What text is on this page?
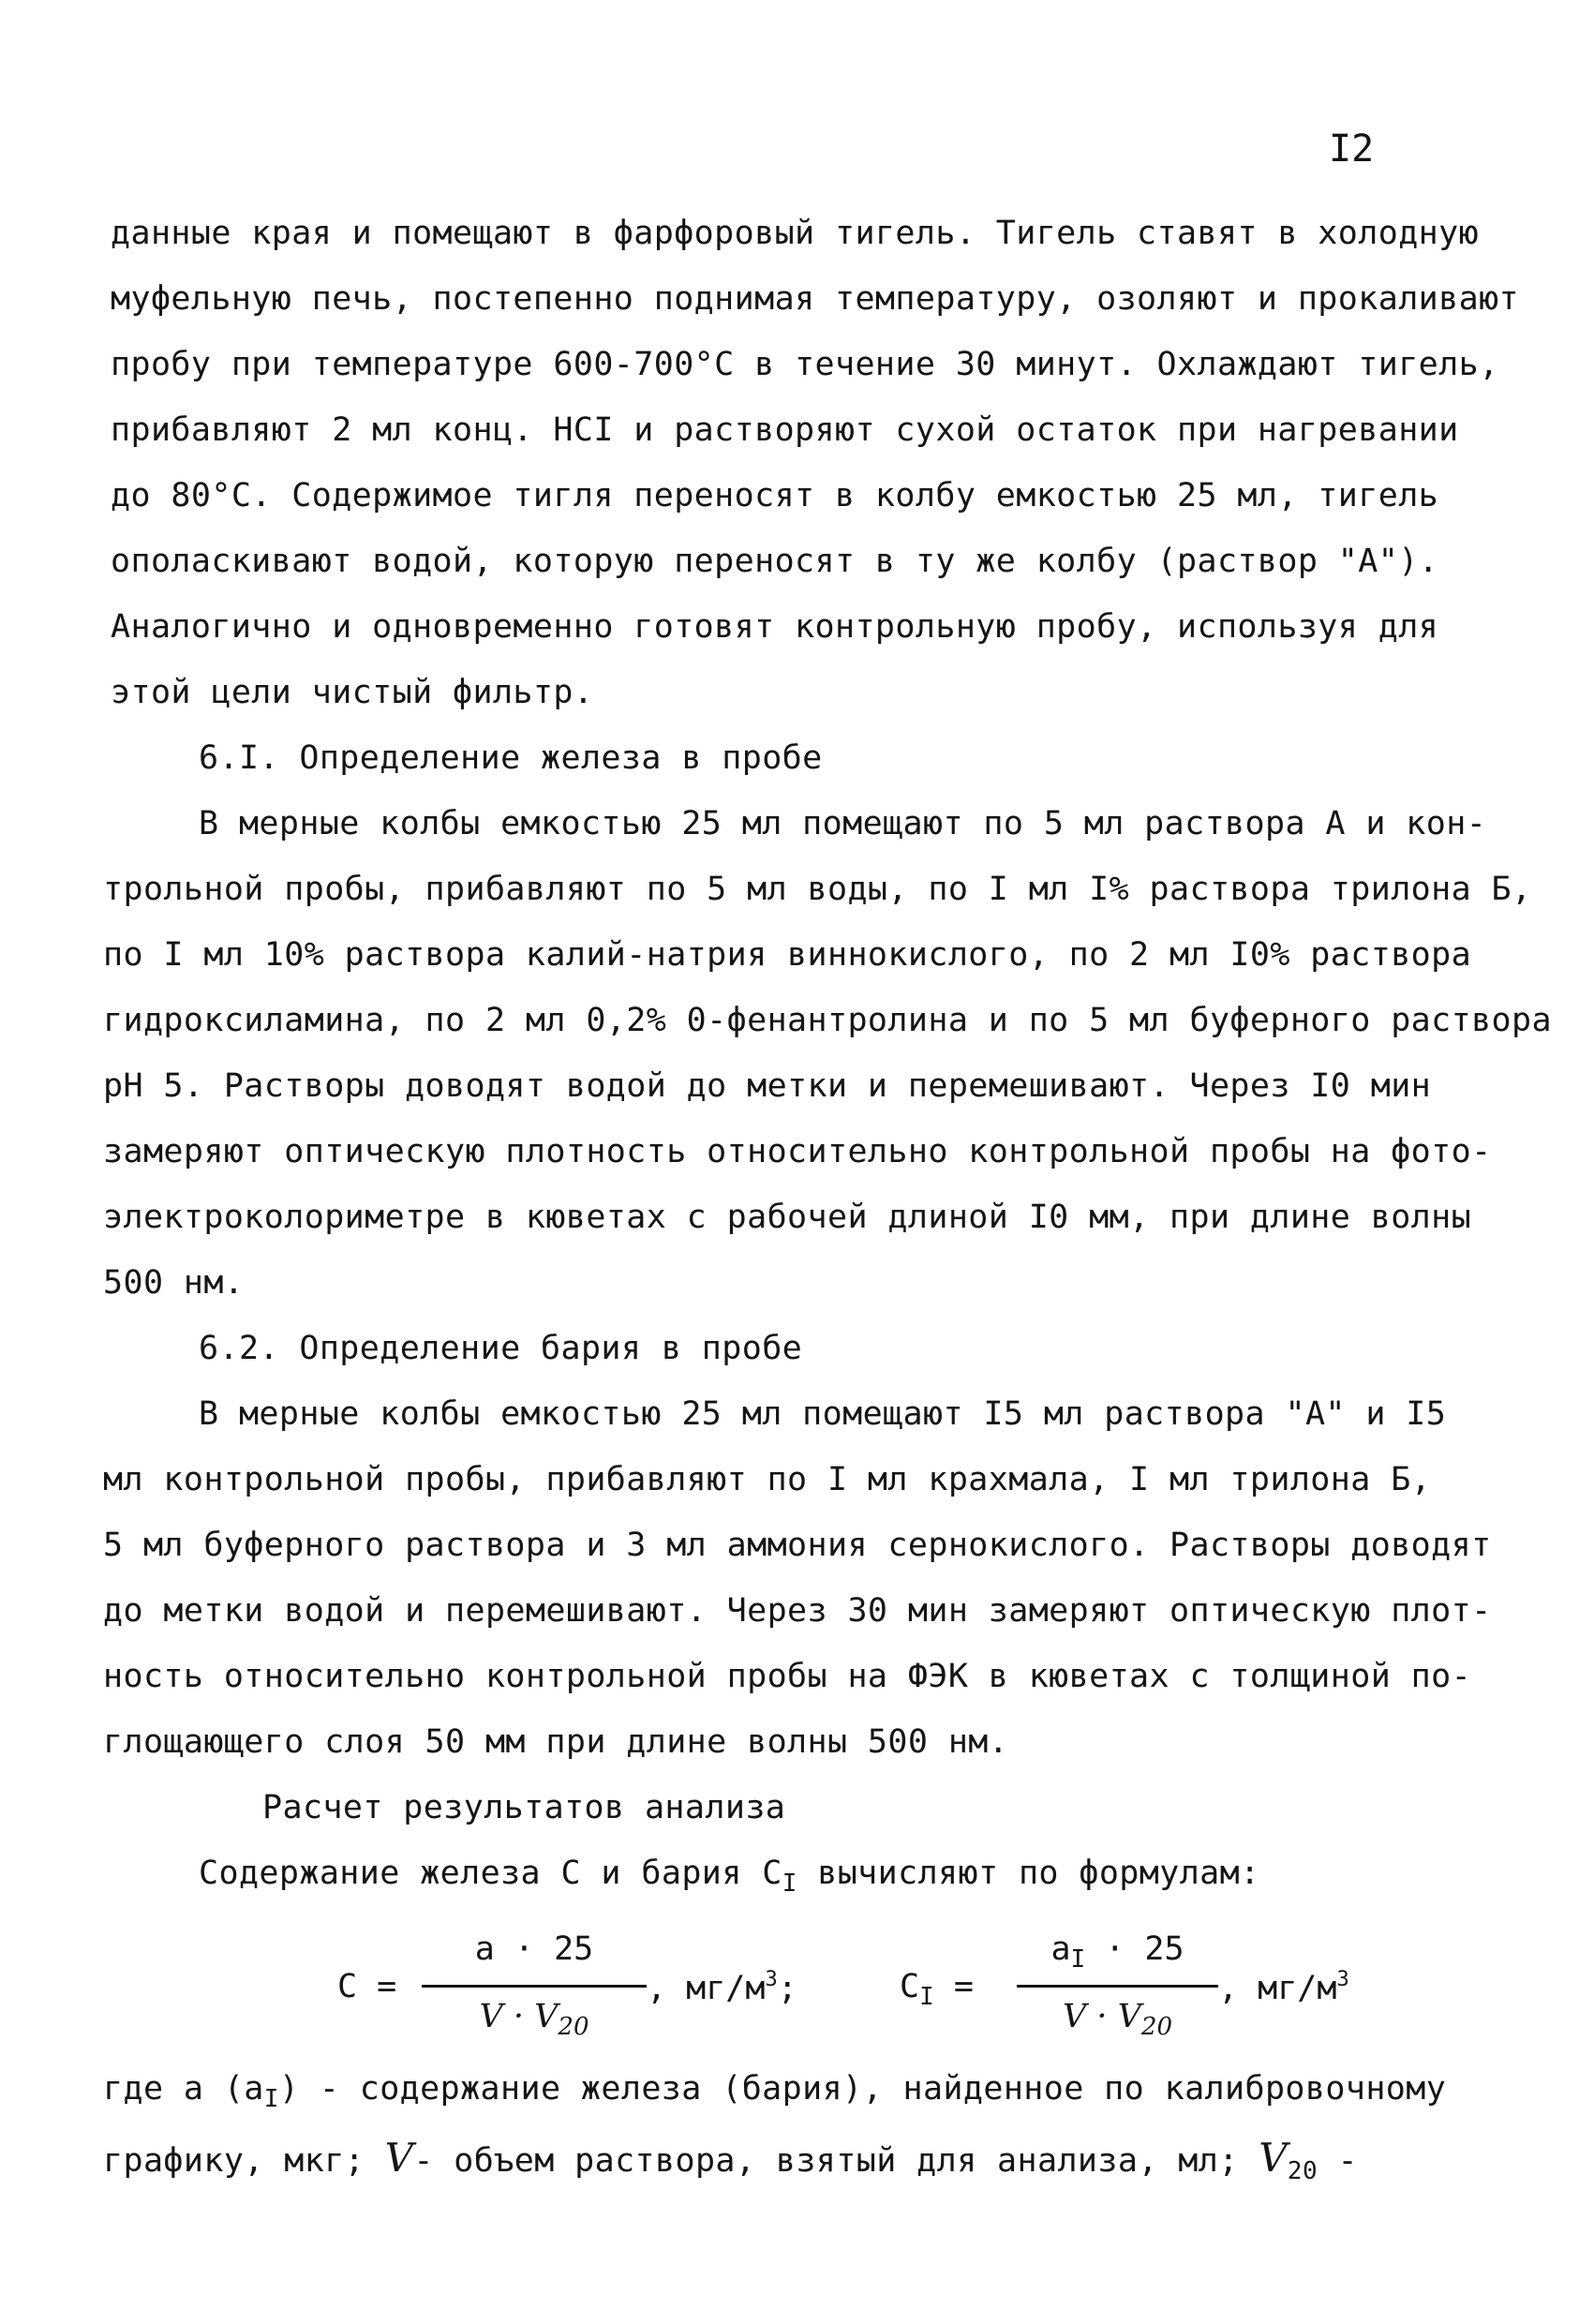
I2
данные края и помещают в фарфоровый тигель. Тигель ставят в холодную
муфельную печь, постепенно поднимая температуру, озоляют и прокаливают
пробу при температуре 600-700°C в течение 30 минут. Охлаждают тигель,
прибавляют 2 мл конц. HCI и растворяют сухой остаток при нагревании
до 80°C. Содержимое тигля переносят в колбу емкостью 25 мл, тигель
ополаскивают водой, которую переносят в ту же колбу (раствор "А").
Аналогично и одновременно готовят контрольную пробу, используя для
этой цели чистый фильтр.
6.I. Определение железа в пробе
В мерные колбы емкостью 25 мл помещают по 5 мл раствора А и кон-
трольной пробы, прибавляют по 5 мл воды, по I мл I% раствора трилона Б,
по I мл 10% раствора калий-натрия виннокислого, по 2 мл I0% раствора
гидроксиламина, по 2 мл 0,2% 0-фенантролина и по 5 мл буферного раствора
pH 5. Растворы доводят водой до метки и перемешивают. Через I0 мин
замеряют оптическую плотность относительно контрольной пробы на фото-
электроколориметре в кюветах с рабочей длиной I0 мм, при длине волны
500 нм.
6.2. Определение бария в пробе
В мерные колбы емкостью 25 мл помещают I5 мл раствора "А" и I5
мл контрольной пробы, прибавляют по I мл крахмала, I мл трилона Б,
5 мл буферного раствора и 3 мл аммония сернокислого. Растворы доводят
до метки водой и перемешивают. Через 30 мин замеряют оптическую плот-
ность относительно контрольной пробы на ФЭК в кюветах с толщиной по-
глощающего слоя 50 мм при длине волны 500 нм.
Расчет результатов анализа
Содержание железа С и бария $С_I$ вычисляют по формулам:
C =
a · 25
$V \cdot V_{20}$
, $мг/м^3$;	$C_I$ =
$a_I \cdot 25$
$V \cdot V_{20}$
, $мг/м^3$
где a $(a_I)$ - содержание железа (бария), найденное по калибровочному
графику, мкг; V- объем раствора, взятый для анализа, мл; $V_{20}$ -
